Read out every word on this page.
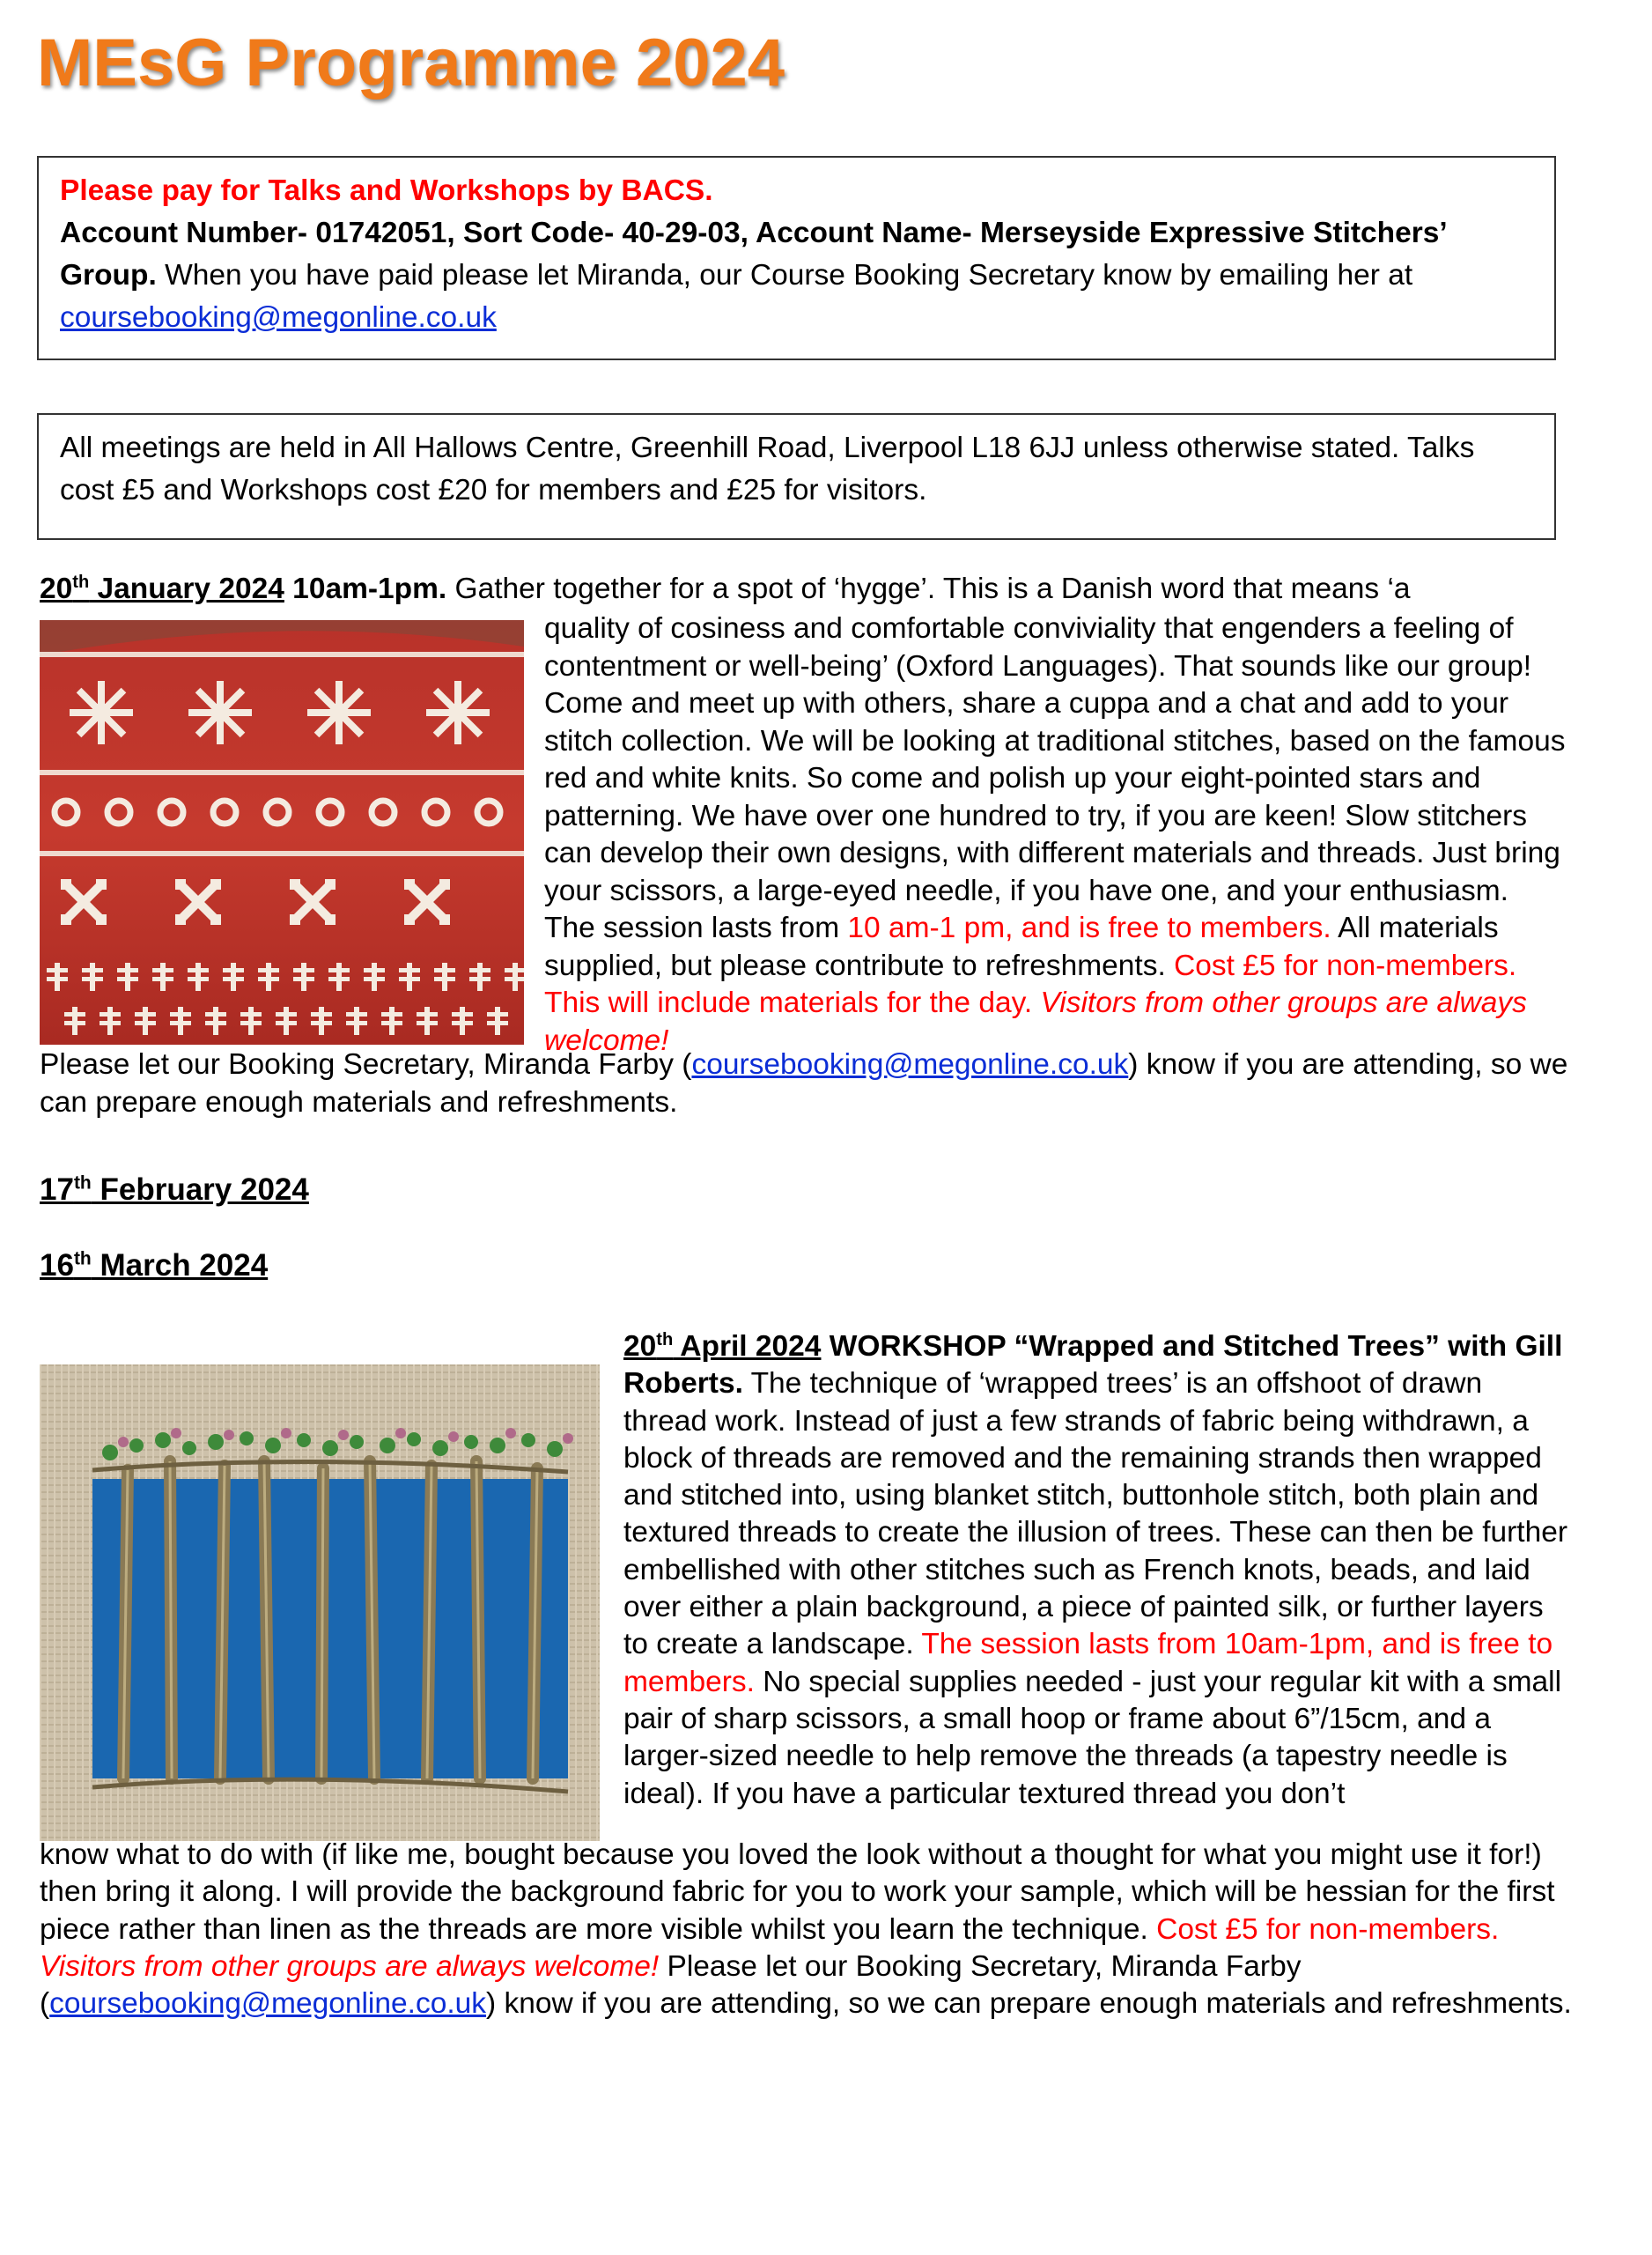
MEsG Programme 2024
Please pay for Talks and Workshops by BACS.
Account Number- 01742051, Sort Code- 40-29-03, Account Name- Merseyside Expressive Stitchers’ Group. When you have paid please let Miranda, our Course Booking Secretary know by emailing her at coursebooking@megonline.co.uk
All meetings are held in All Hallows Centre, Greenhill Road, Liverpool L18 6JJ unless otherwise stated. Talks cost £5 and Workshops cost £20 for members and £25 for visitors.
20th January 2024 10am-1pm. Gather together for a spot of ‘hygge’. This is a Danish word that means ‘a
quality of cosiness and comfortable conviviality that engenders a feeling of contentment or well-being’ (Oxford Languages). That sounds like our group! Come and meet up with others, share a cuppa and a chat and add to your stitch collection. We will be looking at traditional stitches, based on the famous red and white knits. So come and polish up your eight-pointed stars and patterning. We have over one hundred to try, if you are keen! Slow stitchers can develop their own designs, with different materials and threads. Just bring your scissors, a large-eyed needle, if you have one, and your enthusiasm. The session lasts from 10 am-1 pm, and is free to members. All materials supplied, but please contribute to refreshments. Cost £5 for non-members. This will include materials for the day. Visitors from other groups are always welcome!
Please let our Booking Secretary, Miranda Farby (coursebooking@megonline.co.uk) know if you are attending, so we can prepare enough materials and refreshments.
17th February 2024
16th March 2024
20th April 2024 WORKSHOP “Wrapped and Stitched Trees” with Gill Roberts. The technique of ‘wrapped trees’ is an offshoot of drawn thread work. Instead of just a few strands of fabric being withdrawn, a block of threads are removed and the remaining strands then wrapped and stitched into, using blanket stitch, buttonhole stitch, both plain and textured threads to create the illusion of trees. These can then be further embellished with other stitches such as French knots, beads, and laid over either a plain background, a piece of painted silk, or further layers to create a landscape. The session lasts from 10am-1pm, and is free to members. No special supplies needed - just your regular kit with a small pair of sharp scissors, a small hoop or frame about 6”/15cm, and a larger-sized needle to help remove the threads (a tapestry needle is ideal). If you have a particular textured thread you don’t
know what to do with (if like me, bought because you loved the look without a thought for what you might use it for!) then bring it along. I will provide the background fabric for you to work your sample, which will be hessian for the first piece rather than linen as the threads are more visible whilst you learn the technique. Cost £5 for non-members. Visitors from other groups are always welcome! Please let our Booking Secretary, Miranda Farby (coursebooking@megonline.co.uk) know if you are attending, so we can prepare enough materials and refreshments.
